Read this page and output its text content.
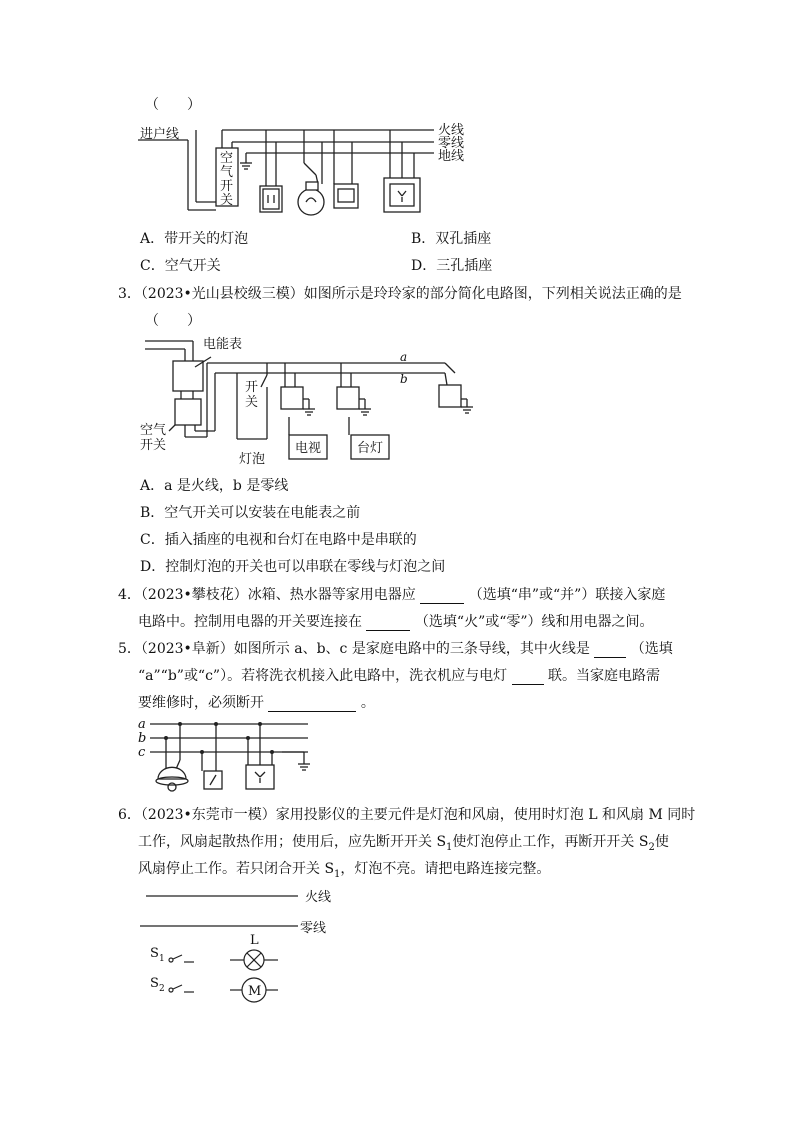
（　　）
进户线	火线
零线
地线
空
气
开
关
A．带开关的灯泡	B．双孔插座
C．空气开关	D．三孔插座
3．（2023•光山县校级三模）如图所示是玲玲家的部分简化电路图，下列相关说法正确的是
（　　）
电能表
a
b
开
关
空气
开关
灯泡
电视	台灯
A．a 是火线，b 是零线
B．空气开关可以安装在电能表之前
C．插入插座的电视和台灯在电路中是串联的
D．控制灯泡的开关也可以串联在零线与灯泡之间
4．（2023•攀枝花）冰箱、热水器等家用电器应	（选填“串”或“并”）联接入家庭
电路中。控制用电器的开关要连接在	（选填“火”或“零”）线和用电器之间。
5．（2023•阜新）如图所示 a、b、c 是家庭电路中的三条导线，其中火线是	（选填
“a”“b”或“c”）。若将洗衣机接入此电路中，洗衣机应与电灯	联。当家庭电路需
要维修时，必须断开	。
a
b
c
6．（2023•东莞市一模）家用投影仪的主要元件是灯泡和风扇，使用时灯泡 L 和风扇 M 同时
工作，风扇起散热作用；使用后，应先断开开关 $S_1$使灯泡停止工作，再断开开关 $S_2$使
风扇停止工作。若只闭合开关 $S_1$，灯泡不亮。请把电路连接完整。
火线
零线
L
M
S 1
S 2
